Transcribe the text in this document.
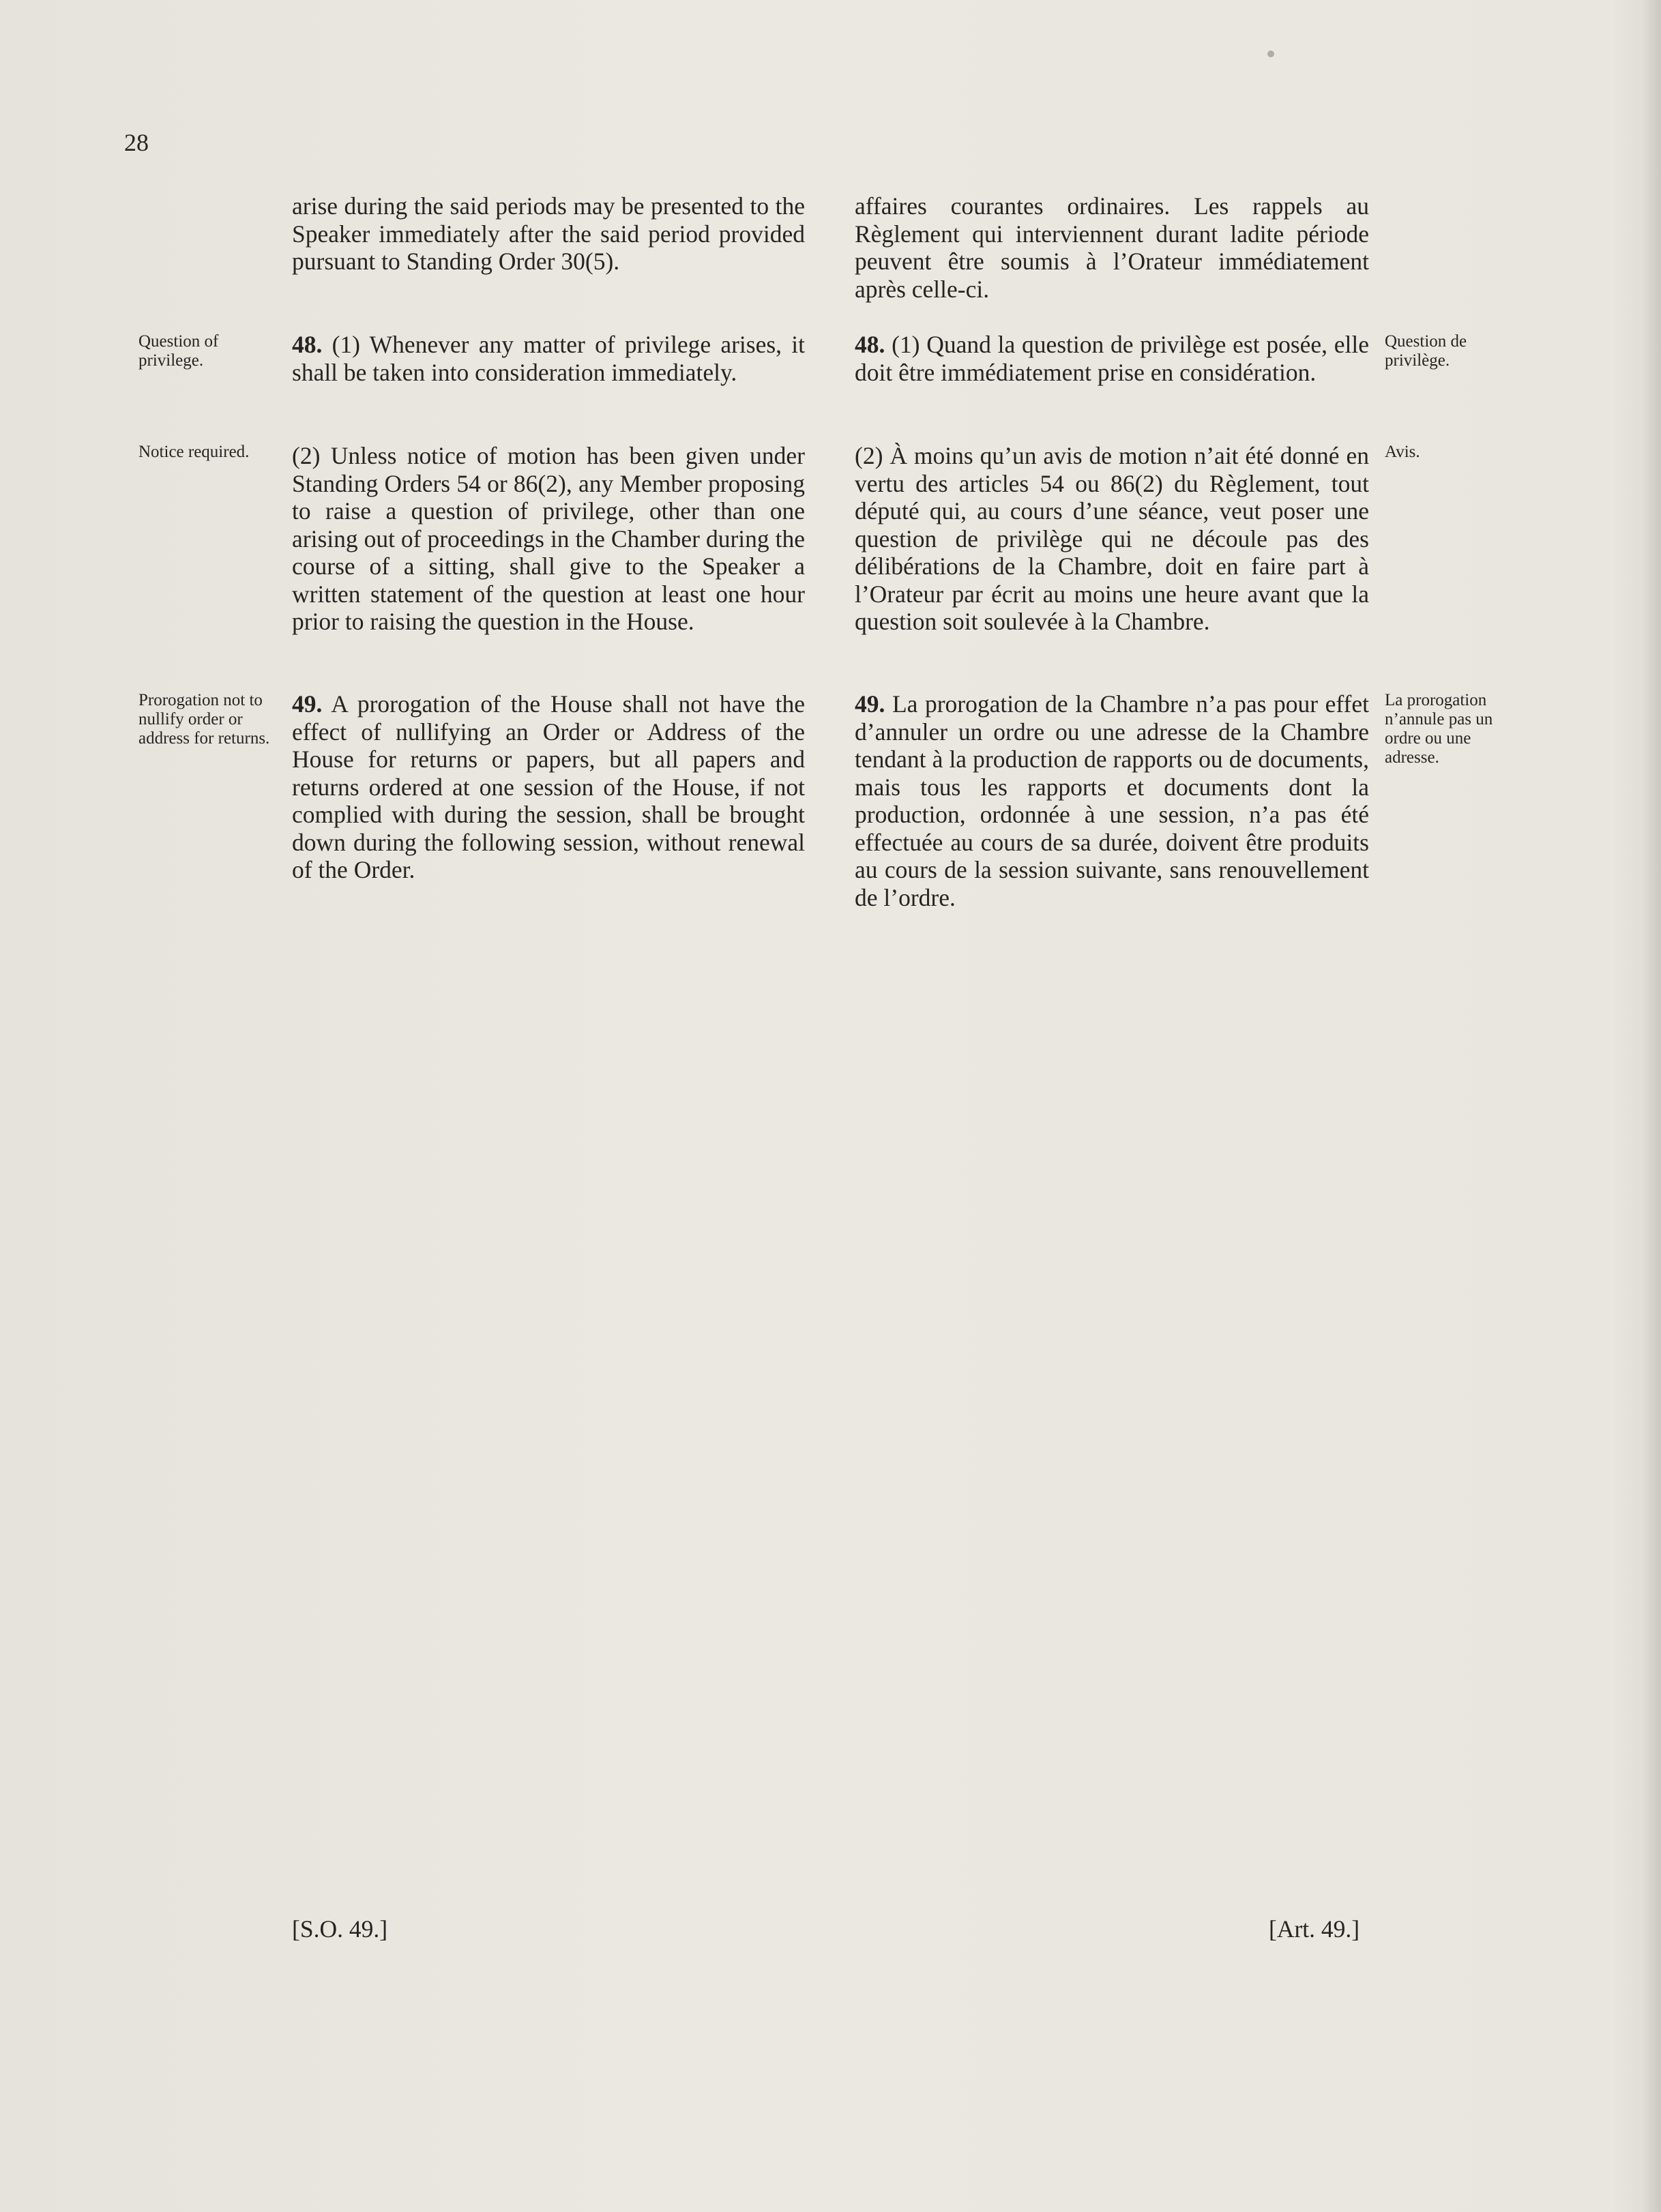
28
arise during the said periods may be presented to the Speaker immediately after the said period provided pursuant to Standing Order 30(5).
48. (1) Whenever any matter of privilege arises, it shall be taken into consideration immediately.
(2) Unless notice of motion has been given under Standing Orders 54 or 86(2), any Member proposing to raise a question of privilege, other than one arising out of proceedings in the Chamber during the course of a sitting, shall give to the Speaker a written statement of the question at least one hour prior to raising the question in the House.
49. A prorogation of the House shall not have the effect of nullifying an Order or Address of the House for returns or papers, but all papers and returns ordered at one session of the House, if not complied with during the session, shall be brought down during the following session, without renewal of the Order.
affaires courantes ordinaires. Les rappels au Règlement qui interviennent durant ladite période peuvent être soumis à l’Orateur immédiatement après celle-ci.
48. (1) Quand la question de privilège est posée, elle doit être immédiatement prise en considération.
(2) À moins qu’un avis de motion n’ait été donné en vertu des articles 54 ou 86(2) du Règlement, tout député qui, au cours d’une séance, veut poser une question de privilège qui ne découle pas des délibérations de la Chambre, doit en faire part à l’Orateur par écrit au moins une heure avant que la question soit soulevée à la Chambre.
49. La prorogation de la Chambre n’a pas pour effet d’annuler un ordre ou une adresse de la Chambre tendant à la production de rapports ou de documents, mais tous les rapports et documents dont la production, ordonnée à une session, n’a pas été effectuée au cours de sa durée, doivent être produits au cours de la session suivante, sans renouvellement de l’ordre.
Question of privilege.
Notice required.
Prorogation not to nullify order or address for returns.
Question de privilège.
Avis.
La prorogation n’annule pas un ordre ou une adresse.
[S.O. 49.]	[Art. 49.]
